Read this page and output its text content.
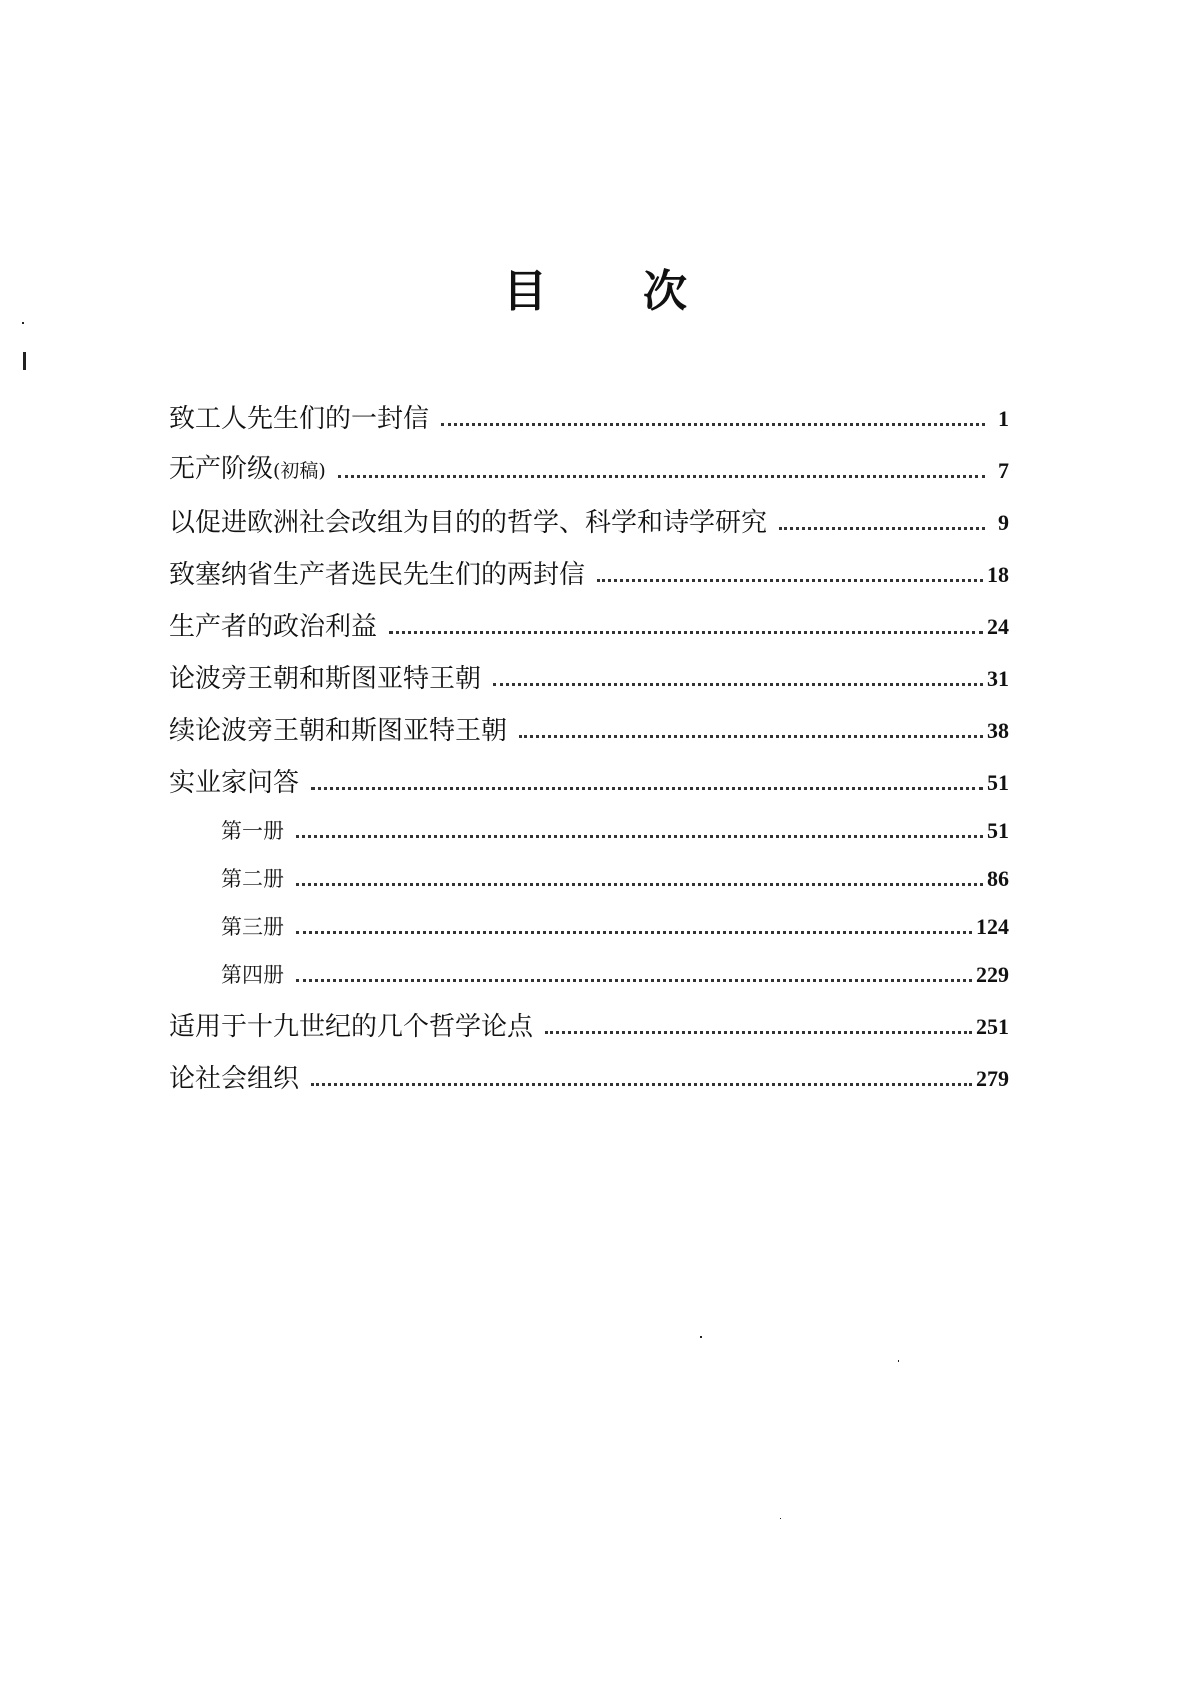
目 次
致工人先生们的一封信	1
无产阶级(初稿)	7
以促进欧洲社会改组为目的的哲学、科学和诗学研究	9
致塞纳省生产者选民先生们的两封信	18
生产者的政治利益	24
论波旁王朝和斯图亚特王朝	31
续论波旁王朝和斯图亚特王朝	38
实业家问答	51
第一册	51
第二册	86
第三册	124
第四册	229
适用于十九世纪的几个哲学论点	251
论社会组织	279
